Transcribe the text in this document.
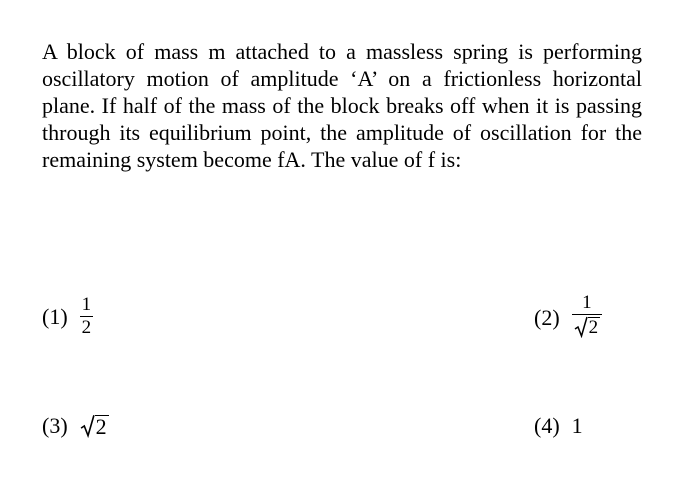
A block of mass m attached to a massless spring is performing
oscillatory motion of amplitude ‘A’ on a frictionless horizontal
plane. If half of the mass of the block breaks off when it is passing
through its equilibrium point, the amplitude of oscillation for the
remaining system become fA. The value of f is:
$(1) \frac{1}{2}$	$(2) \frac{1}{2}$
(3) 2	(4) 1
